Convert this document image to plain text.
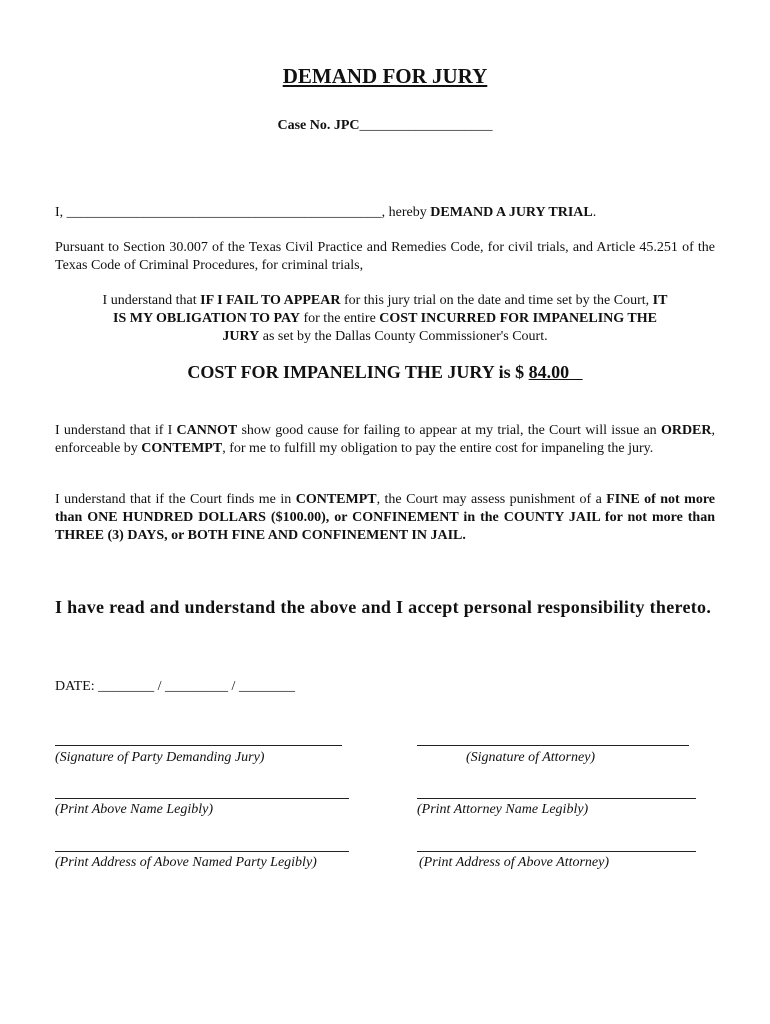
DEMAND FOR JURY
Case No. JPC___________________
I, _____________________________________________, hereby DEMAND A JURY TRIAL.
Pursuant to Section 30.007 of the Texas Civil Practice and Remedies Code, for civil trials, and Article 45.251 of the Texas Code of Criminal Procedures, for criminal trials,
I understand that IF I FAIL TO APPEAR for this jury trial on the date and time set by the Court, IT IS MY OBLIGATION TO PAY for the entire COST INCURRED FOR IMPANELING THE JURY as set by the Dallas County Commissioner's Court.
COST FOR IMPANELING THE JURY is $ 84.00
I understand that if I CANNOT show good cause for failing to appear at my trial, the Court will issue an ORDER, enforceable by CONTEMPT, for me to fulfill my obligation to pay the entire cost for impaneling the jury.
I understand that if the Court finds me in CONTEMPT, the Court may assess punishment of a FINE of not more than ONE HUNDRED DOLLARS ($100.00), or CONFINEMENT in the COUNTY JAIL for not more than THREE (3) DAYS, or BOTH FINE AND CONFINEMENT IN JAIL.
I have read and understand the above and I accept personal responsibility thereto.
DATE: ________ / _________ / ________
(Signature of Party Demanding Jury)	(Signature of Attorney)
(Print Above Name Legibly)	(Print Attorney Name Legibly)
(Print Address of Above Named Party Legibly)	(Print Address of Above Attorney)
